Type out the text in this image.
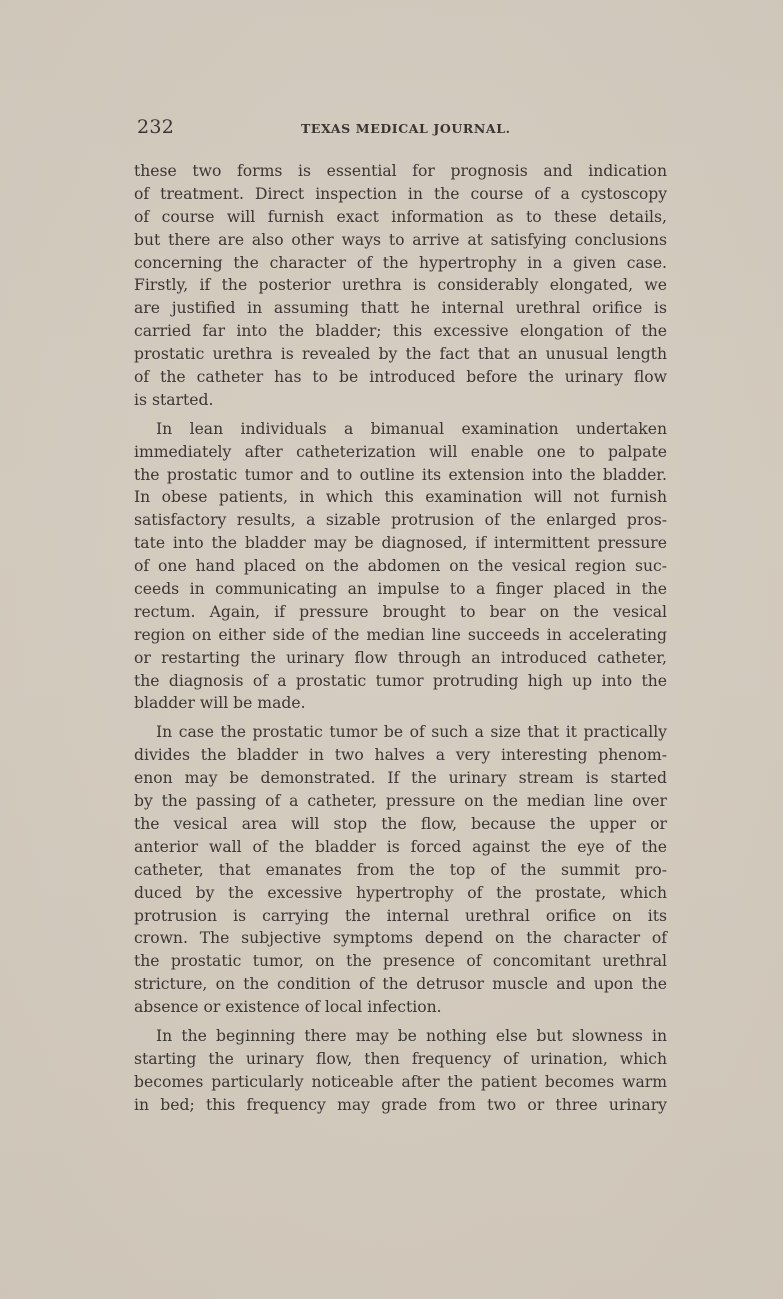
232	TEXAS MEDICAL JOURNAL.
these two forms is essential for prognosis and indication
of treatment. Direct inspection in the course of a cystoscopy
of course will furnish exact information as to these details,
but there are also other ways to arrive at satisfying conclusions
concerning the character of the hypertrophy in a given case.
Firstly, if the posterior urethra is considerably elongated, we
are justified in assuming thatt he internal urethral orifice is
carried far into the bladder; this excessive elongation of the
prostatic urethra is revealed by the fact that an unusual length
of the catheter has to be introduced before the urinary flow
is started.
In lean individuals a bimanual examination undertaken
immediately after catheterization will enable one to palpate
the prostatic tumor and to outline its extension into the bladder.
In obese patients, in which this examination will not furnish
satisfactory results, a sizable protrusion of the enlarged pros-
tate into the bladder may be diagnosed, if intermittent pressure
of one hand placed on the abdomen on the vesical region suc-
ceeds in communicating an impulse to a finger placed in the
rectum. Again, if pressure brought to bear on the vesical
region on either side of the median line succeeds in accelerating
or restarting the urinary flow through an introduced catheter,
the diagnosis of a prostatic tumor protruding high up into the
bladder will be made.
In case the prostatic tumor be of such a size that it practically
divides the bladder in two halves a very interesting phenom-
enon may be demonstrated. If the urinary stream is started
by the passing of a catheter, pressure on the median line over
the vesical area will stop the flow, because the upper or
anterior wall of the bladder is forced against the eye of the
catheter, that emanates from the top of the summit pro-
duced by the excessive hypertrophy of the prostate, which
protrusion is carrying the internal urethral orifice on its
crown. The subjective symptoms depend on the character of
the prostatic tumor, on the presence of concomitant urethral
stricture, on the condition of the detrusor muscle and upon the
absence or existence of local infection.
In the beginning there may be nothing else but slowness in
starting the urinary flow, then frequency of urination, which
becomes particularly noticeable after the patient becomes warm
in bed; this frequency may grade from two or three urinary
